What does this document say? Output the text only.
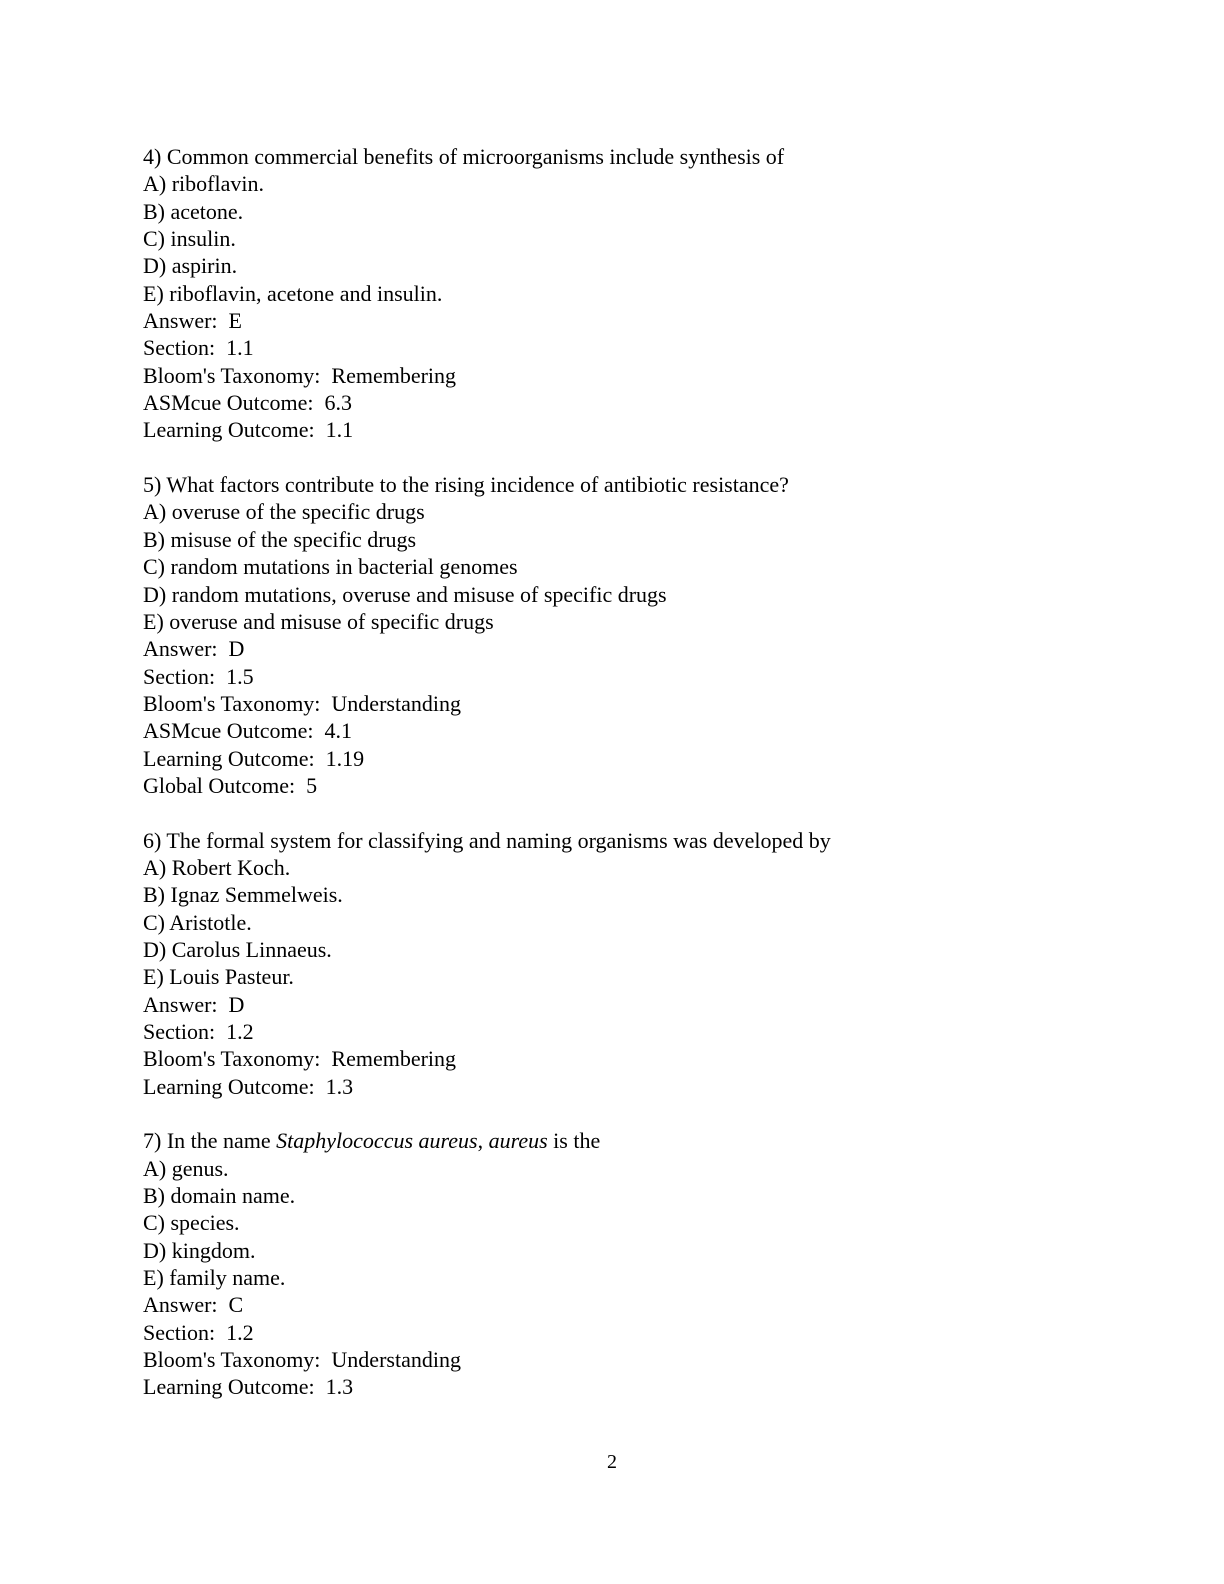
4) Common commercial benefits of microorganisms include synthesis of
A) riboflavin.
B) acetone.
C) insulin.
D) aspirin.
E) riboflavin, acetone and insulin.
Answer:  E
Section:  1.1
Bloom's Taxonomy:  Remembering
ASMcue Outcome:  6.3
Learning Outcome:  1.1
5) What factors contribute to the rising incidence of antibiotic resistance?
A) overuse of the specific drugs
B) misuse of the specific drugs
C) random mutations in bacterial genomes
D) random mutations, overuse and misuse of specific drugs
E) overuse and misuse of specific drugs
Answer:  D
Section:  1.5
Bloom's Taxonomy:  Understanding
ASMcue Outcome:  4.1
Learning Outcome:  1.19
Global Outcome:  5
6) The formal system for classifying and naming organisms was developed by
A) Robert Koch.
B) Ignaz Semmelweis.
C) Aristotle.
D) Carolus Linnaeus.
E) Louis Pasteur.
Answer:  D
Section:  1.2
Bloom's Taxonomy:  Remembering
Learning Outcome:  1.3
7) In the name Staphylococcus aureus, aureus is the
A) genus.
B) domain name.
C) species.
D) kingdom.
E) family name.
Answer:  C
Section:  1.2
Bloom's Taxonomy:  Understanding
Learning Outcome:  1.3
2
